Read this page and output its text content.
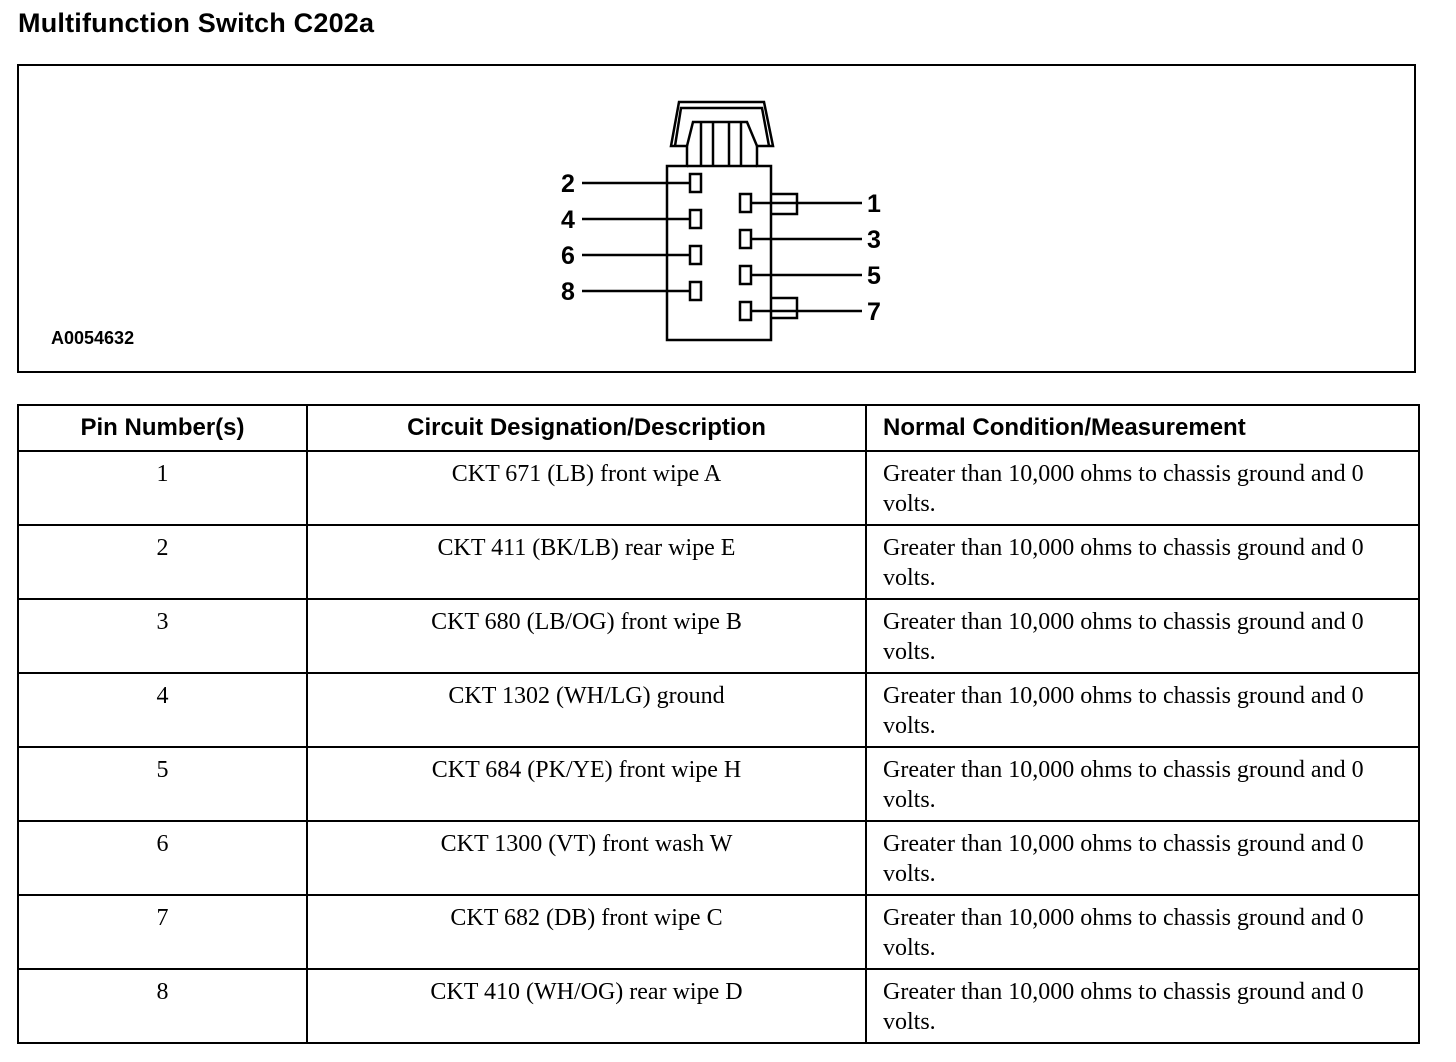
Multifunction Switch C202a
2
4
6
8
1
3
5
7
A0054632
Pin Number(s)	Circuit Designation/Description	Normal Condition/Measurement
1	CKT 671 (LB) front wipe A	Greater than 10,000 ohms to chassis ground and 0 volts.
2	CKT 411 (BK/LB) rear wipe E	Greater than 10,000 ohms to chassis ground and 0 volts.
3	CKT 680 (LB/OG) front wipe B	Greater than 10,000 ohms to chassis ground and 0 volts.
4	CKT 1302 (WH/LG) ground	Greater than 10,000 ohms to chassis ground and 0 volts.
5	CKT 684 (PK/YE) front wipe H	Greater than 10,000 ohms to chassis ground and 0 volts.
6	CKT 1300 (VT) front wash W	Greater than 10,000 ohms to chassis ground and 0 volts.
7	CKT 682 (DB) front wipe C	Greater than 10,000 ohms to chassis ground and 0 volts.
8	CKT 410 (WH/OG) rear wipe D	Greater than 10,000 ohms to chassis ground and 0 volts.
